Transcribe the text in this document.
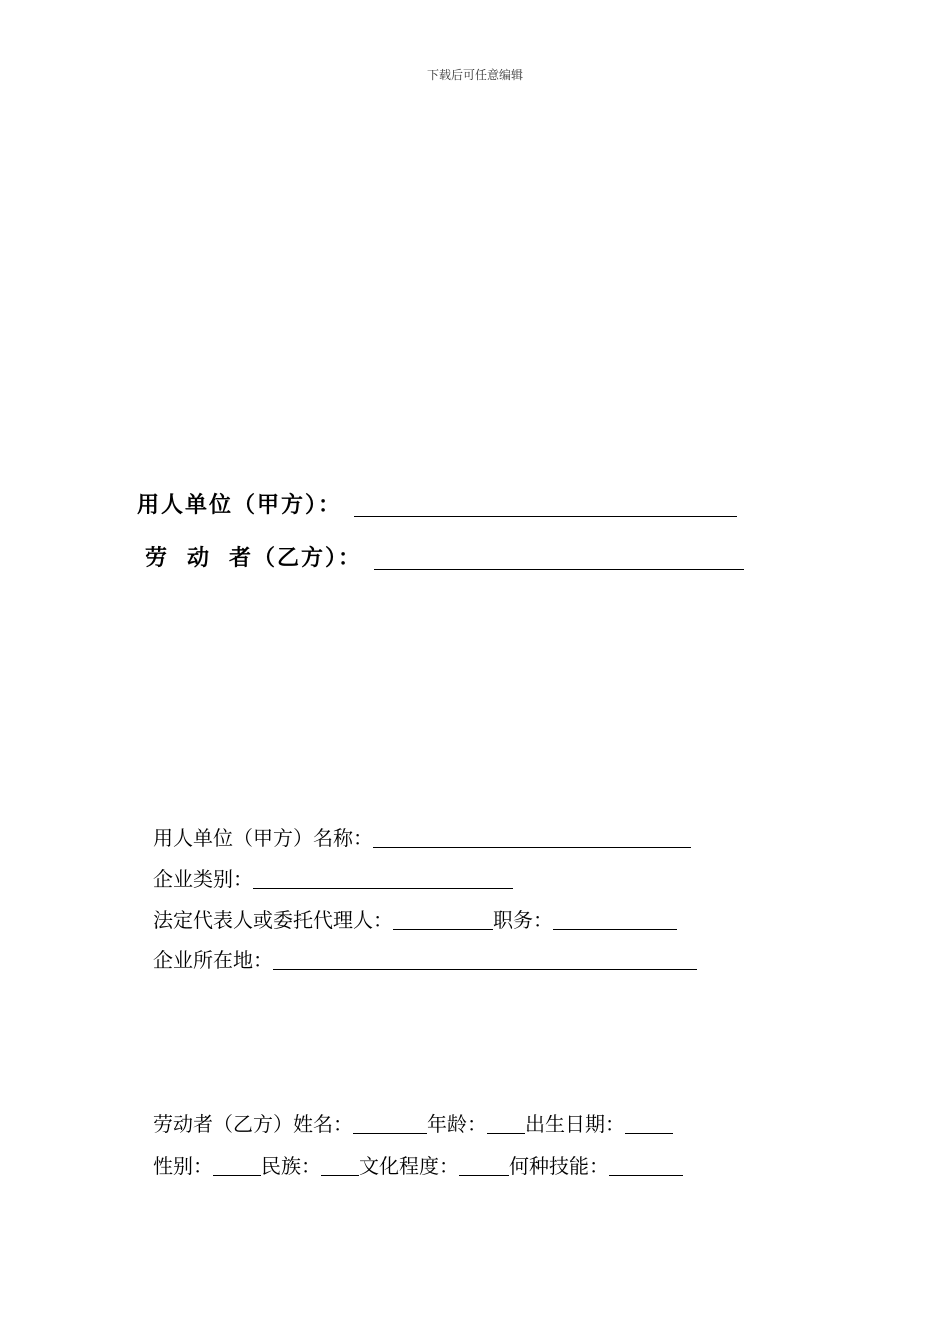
下载后可任意编辑
用人单位（甲方）：
劳 动 者（乙方）：
用人单位（甲方）名称：
企业类别：
法定代表人或委托代理人：	职务：
企业所在地：
劳动者（乙方）姓名：	年龄： 出生日期：
性别： 民族： 文化程度：	何种技能：
